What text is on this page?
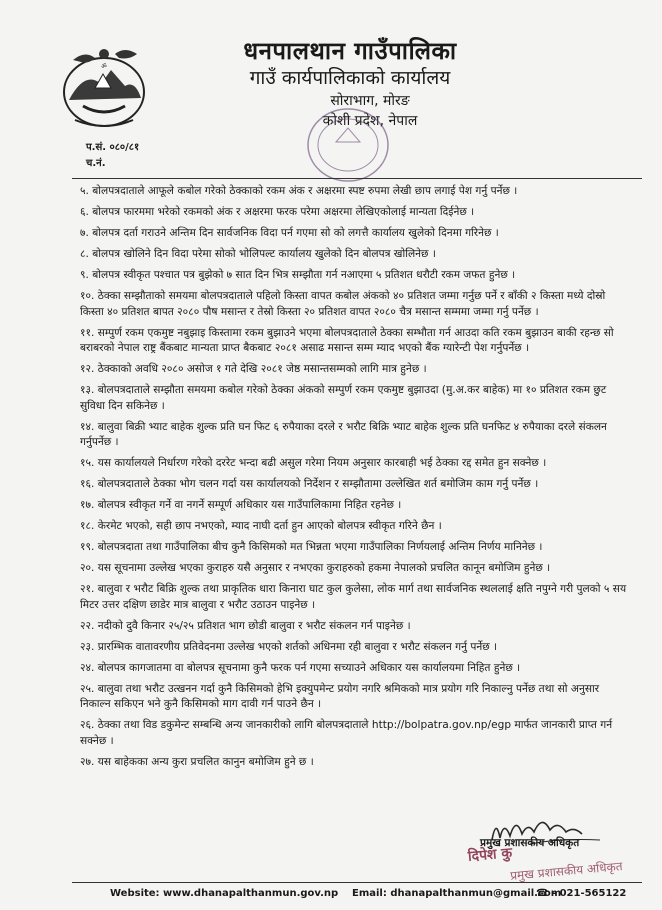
ॐ
धनपालथान गाउँपालिका
गाउँ कार्यपालिकाको कार्यालय
सोराभाग, मोरङ
कोशी प्रदेश, नेपाल
प.सं. ०८०/८१
च.नं.
५. बोलपत्रदाताले आफूले कबोल गरेको ठेक्काको रकम अंक र अक्षरमा स्पष्ट रुपमा लेखी छाप लगाई पेश गर्नु पर्नेछ ।
६. बोलपत्र फारममा भरेको रकमको अंक र अक्षरमा फरक परेमा अक्षरमा लेखिएकोलाई मान्यता दिईनेछ ।
७. बोलपत्र दर्ता गराउने अन्तिम दिन सार्वजनिक विदा पर्न गएमा सो को लगत्तै कार्यालय खुलेको दिनमा गरिनेछ ।
८. बोलपत्र खोलिने दिन विदा परेमा सोको भोलिपल्ट कार्यालय खुलेको दिन बोलपत्र खोलिनेछ ।
९. बोलपत्र स्वीकृत पश्चात पत्र बुझेको ७ सात दिन भित्र सम्झौता गर्न नआएमा ५ प्रतिशत धरौटी रकम जफत हुनेछ ।
१०. ठेक्का सम्झौताको समयमा बोलपत्रदाताले पहिलो किस्ता वापत कबोल अंकको ४० प्रतिशत जम्मा गर्नुछ पर्ने र बाँकी २ किस्ता मध्ये दोस्रो किस्ता ४० प्रतिशत बापत २०८० पौष मसान्त र तेस्रो किस्ता २० प्रतिशत वापत २०८० चैत्र मसान्त सम्ममा जम्मा गर्नु पर्नेछ ।
११. सम्पुर्ण रकम एकमुष्ट नबुझाइ किस्तामा रकम बुझाउने भएमा बोलपत्रदाताले ठेक्का सम्भौता गर्न आउदा कति रकम बुझाउन बाकी रहन्छ सो बराबरको नेपाल राष्ट्र बैंकबाट मान्यता प्राप्त बैकबाट २०८१ असाढ मसान्त सम्म म्याद भएको बैंक ग्यारेन्टी पेश गर्नुपर्नेछ ।
१२. ठेक्काको अवधि २०८० असोज १ गते देखि २०८१ जेष्ठ मसान्तसम्मको लागि मात्र हुनेछ ।
१३. बोलपत्रदाताले सम्झौता समयमा कबोल गरेको ठेक्का अंकको सम्पुर्ण रकम एकमुष्ट बुझाउदा (मु.अ.कर बाहेक) मा १० प्रतिशत रकम छुट सुविधा दिन सकिनेछ ।
१४. बालुवा बिक्री भ्याट बाहेक शुल्क प्रति घन फिट ६ रुपैयाका दरले र भरौट बिक्रि भ्याट बाहेक शुल्क प्रति घनफिट ४ रुपैयाका दरले संकलन गर्नुपर्नेछ ।
१५. यस कार्यालयले निर्धारण गरेको दररेट भन्दा बढी असुल गरेमा नियम अनुसार कारबाही भई ठेक्का रद्द समेत हुन सक्नेछ ।
१६. बोलपत्रदाताले ठेक्का भोग चलन गर्दा यस कार्यालयको निर्देशन र सम्झौतामा उल्लेखित शर्त बमोजिम काम गर्नु पर्नेछ ।
१७. बोलपत्र स्वीकृत गर्ने वा नगर्ने सम्पूर्ण अधिकार यस गाउँपालिकामा निहित रहनेछ ।
१८. केरमेट भएको, सही छाप नभएको, म्याद नाघी दर्ता हुन आएको बोलपत्र स्वीकृत गरिने छैन ।
१९. बोलपत्रदाता तथा गाउँपालिका बीच कुनै किसिमको मत भिन्नता भएमा गाउँपालिका निर्णयलाई अन्तिम निर्णय मानिनेछ ।
२०. यस सूचनामा उल्लेख भएका कुराहरु यसै अनुसार र नभएका कुराहरुको हकमा नेपालको प्रचलित कानून बमोजिम हुनेछ ।
२१. बालुवा र भरौट बिक्रि शुल्क तथा प्राकृतिक धारा किनारा घाट कुल कुलेसा, लोक मार्ग तथा सार्वजनिक स्थललाई क्षति नपुग्ने गरी पुलको ५ सय मिटर उत्तर दक्षिण छाडेर मात्र बालुवा र भरौट उठाउन पाइनेछ ।
२२. नदीको दुवै किनार २५/२५ प्रतिशत भाग छोडी बालुवा र भरौट संकलन गर्न पाइनेछ ।
२३. प्रारम्भिक वातावरणीय प्रतिवेदनमा उल्लेख भएको शर्तको अधिनमा रही बालुवा र भरौट संकलन गर्नु पर्नेछ ।
२४. बोलपत्र कागजातमा वा बोलपत्र सूचनामा कुनै फरक पर्न गएमा सच्याउने अधिकार यस कार्यालयमा निहित हुनेछ ।
२५. बालुवा तथा भरौट उत्खनन गर्दा कुनै किसिमको हेभि इक्युपमेन्ट प्रयोग नगरि श्रमिकको मात्र प्रयोग गरि निकाल्नु पर्नेछ तथा सो अनुसार निकाल्न सकिएन भने कुनै किसिमको माग दावी गर्न पाउने छैन ।
२६. ठेक्का तथा विड डकुमेन्ट सम्बन्धि अन्य जानकारीको लागि बोलपत्रदाताले http://bolpatra.gov.np/egp मार्फत जानकारी प्राप्त गर्न सक्नेछ ।
२७. यस बाहेकका अन्य कुरा प्रचलित कानुन बमोजिम हुने छ ।
प्रमुख प्रशासकीय अधिकृत
दिपेश कु
प्रमुख प्रशासकीय अधिकृत
Website: www.dhanapalthanmun.gov.np Email: dhanapalthanmun@gmail.com
☎ - 021-565122
